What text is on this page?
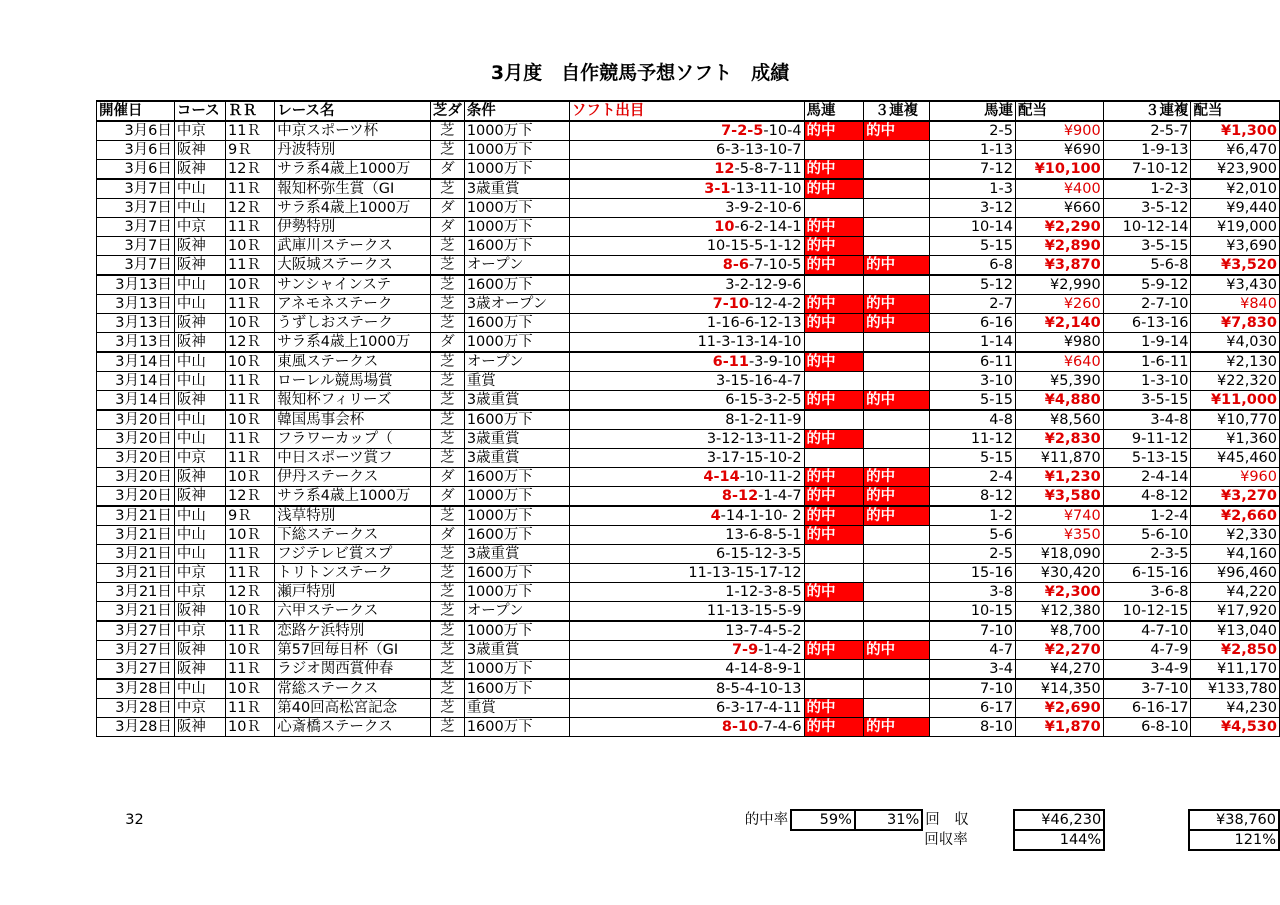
3月度　自作競馬予想ソフト　成績
開催日	コース	ＲＲ	レース名	芝ダ	条件	ソフト出目	馬連	３連複	馬連	配当	３連複	配当
3月6日	中京	11Ｒ	中京スポーツ杯	芝	1000万下	7-2-5-10-4	的中	的中	2-5	¥900	2-5-7	¥1,300
3月6日	阪神	9Ｒ	丹波特別	芝	1000万下	6-3-13-10-7			1-13	¥690	1-9-13	¥6,470
3月6日	阪神	12Ｒ	サラ系4歳上1000万	ダ	1000万下	12-5-8-7-11	的中		7-12	¥10,100	7-10-12	¥23,900
3月7日	中山	11Ｒ	報知杯弥生賞（GI	芝	3歳重賞	3-1-13-11-10	的中		1-3	¥400	1-2-3	¥2,010
3月7日	中山	12Ｒ	サラ系4歳上1000万	ダ	1000万下	3-9-2-10-6			3-12	¥660	3-5-12	¥9,440
3月7日	中京	11Ｒ	伊勢特別	ダ	1000万下	10-6-2-14-1	的中		10-14	¥2,290	10-12-14	¥19,000
3月7日	阪神	10Ｒ	武庫川ステークス	芝	1600万下	10-15-5-1-12	的中		5-15	¥2,890	3-5-15	¥3,690
3月7日	阪神	11Ｒ	大阪城ステークス	芝	オープン	8-6-7-10-5	的中	的中	6-8	¥3,870	5-6-8	¥3,520
3月13日	中山	10Ｒ	サンシャインステ	芝	1600万下	3-2-12-9-6			5-12	¥2,990	5-9-12	¥3,430
3月13日	中山	11Ｒ	アネモネステーク	芝	3歳オープン	7-10-12-4-2	的中	的中	2-7	¥260	2-7-10	¥840
3月13日	阪神	10Ｒ	うずしおステーク	芝	1600万下	1-16-6-12-13	的中	的中	6-16	¥2,140	6-13-16	¥7,830
3月13日	阪神	12Ｒ	サラ系4歳上1000万	ダ	1000万下	11-3-13-14-10			1-14	¥980	1-9-14	¥4,030
3月14日	中山	10Ｒ	東風ステークス	芝	オープン	6-11-3-9-10	的中		6-11	¥640	1-6-11	¥2,130
3月14日	中山	11Ｒ	ローレル競馬場賞	芝	重賞	3-15-16-4-7			3-10	¥5,390	1-3-10	¥22,320
3月14日	阪神	11Ｒ	報知杯フィリーズ	芝	3歳重賞	6-15-3-2-5	的中	的中	5-15	¥4,880	3-5-15	¥11,000
3月20日	中山	10Ｒ	韓国馬事会杯	芝	1600万下	8-1-2-11-9			4-8	¥8,560	3-4-8	¥10,770
3月20日	中山	11Ｒ	フラワーカップ（	芝	3歳重賞	3-12-13-11-2	的中		11-12	¥2,830	9-11-12	¥1,360
3月20日	中京	11Ｒ	中日スポーツ賞フ	芝	3歳重賞	3-17-15-10-2			5-15	¥11,870	5-13-15	¥45,460
3月20日	阪神	10Ｒ	伊丹ステークス	ダ	1600万下	4-14-10-11-2	的中	的中	2-4	¥1,230	2-4-14	¥960
3月20日	阪神	12Ｒ	サラ系4歳上1000万	ダ	1000万下	8-12-1-4-7	的中	的中	8-12	¥3,580	4-8-12	¥3,270
3月21日	中山	9Ｒ	浅草特別	芝	1000万下	4-14-1-10- 2	的中	的中	1-2	¥740	1-2-4	¥2,660
3月21日	中山	10Ｒ	下総ステークス	ダ	1600万下	13-6-8-5-1	的中		5-6	¥350	5-6-10	¥2,330
3月21日	中山	11Ｒ	フジテレビ賞スプ	芝	3歳重賞	6-15-12-3-5			2-5	¥18,090	2-3-5	¥4,160
3月21日	中京	11Ｒ	トリトンステーク	芝	1600万下	11-13-15-17-12			15-16	¥30,420	6-15-16	¥96,460
3月21日	中京	12Ｒ	瀬戸特別	芝	1000万下	1-12-3-8-5	的中		3-8	¥2,300	3-6-8	¥4,220
3月21日	阪神	10Ｒ	六甲ステークス	芝	オープン	11-13-15-5-9			10-15	¥12,380	10-12-15	¥17,920
3月27日	中京	11Ｒ	恋路ケ浜特別	芝	1000万下	13-7-4-5-2			7-10	¥8,700	4-7-10	¥13,040
3月27日	阪神	10Ｒ	第57回毎日杯（GI	芝	3歳重賞	7-9-1-4-2	的中	的中	4-7	¥2,270	4-7-9	¥2,850
3月27日	阪神	11Ｒ	ラジオ関西賞仲春	芝	1000万下	4-14-8-9-1			3-4	¥4,270	3-4-9	¥11,170
3月28日	中山	10Ｒ	常総ステークス	芝	1600万下	8-5-4-10-13			7-10	¥14,350	3-7-10	¥133,780
3月28日	中京	11Ｒ	第40回高松宮記念	芝	重賞	6-3-17-4-11	的中		6-17	¥2,690	6-16-17	¥4,230
3月28日	阪神	10Ｒ	心斎橋ステークス	芝	1600万下	8-10-7-4-6	的中	的中	8-10	¥1,870	6-8-10	¥4,530
32						的中率	59%	31%	回　収	¥46,230		¥38,760
									回収率	144%		121%
